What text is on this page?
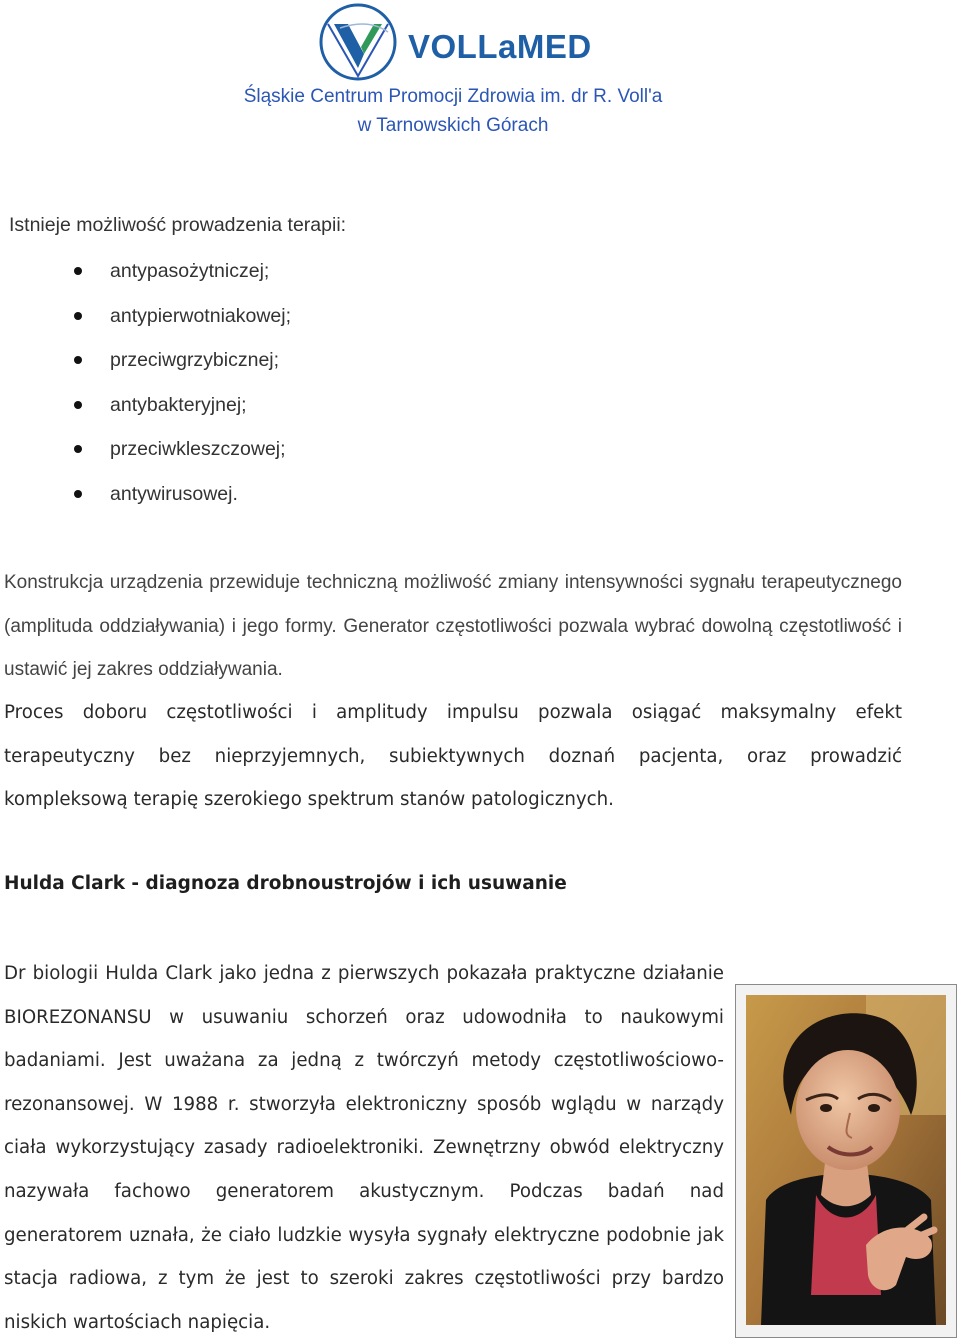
VOLLaMED
Śląskie Centrum Promocji Zdrowia im. dr R. Voll'a
w Tarnowskich Górach

Istnieje możliwość prowadzenia terapii:

antypasożytniczej;
antypierwotniakowej;
przeciwgrzybicznej;
antybakteryjnej;
przeciwkleszczowej;
antywirusowej.

Konstrukcja urządzenia przewiduje techniczną możliwość zmiany intensywności sygnału terapeutycznego (amplituda oddziaływania) i jego formy. Generator częstotliwości pozwala wybrać dowolną częstotliwość i ustawić jej zakres oddziaływania.

Proces doboru częstotliwości i amplitudy impulsu pozwala osiągać maksymalny efekt terapeutyczny bez nieprzyjemnych, subiektywnych doznań pacjenta, oraz prowadzić kompleksową terapię szerokiego spektrum stanów patologicznych.

Hulda Clark - diagnoza drobnoustrojów i ich usuwanie

Dr biologii Hulda Clark jako jedna z pierwszych pokazała praktyczne działanie BIOREZONANSU w usuwaniu schorzeń oraz udowodniła to naukowymi badaniami. Jest uważana za jedną z twórczyń metody częstotliwościowo-rezonansowej. W 1988 r. stworzyła elektroniczny sposób wglądu w narządy ciała wykorzystujący zasady radioelektroniki. Zewnętrzny obwód elektryczny nazywała fachowo generatorem akustycznym. Podczas badań nad generatorem uznała, że ciało ludzkie wysyła sygnały elektryczne podobnie jak stacja radiowa, z tym że jest to szeroki zakres częstotliwości przy bardzo niskich wartościach napięcia.
